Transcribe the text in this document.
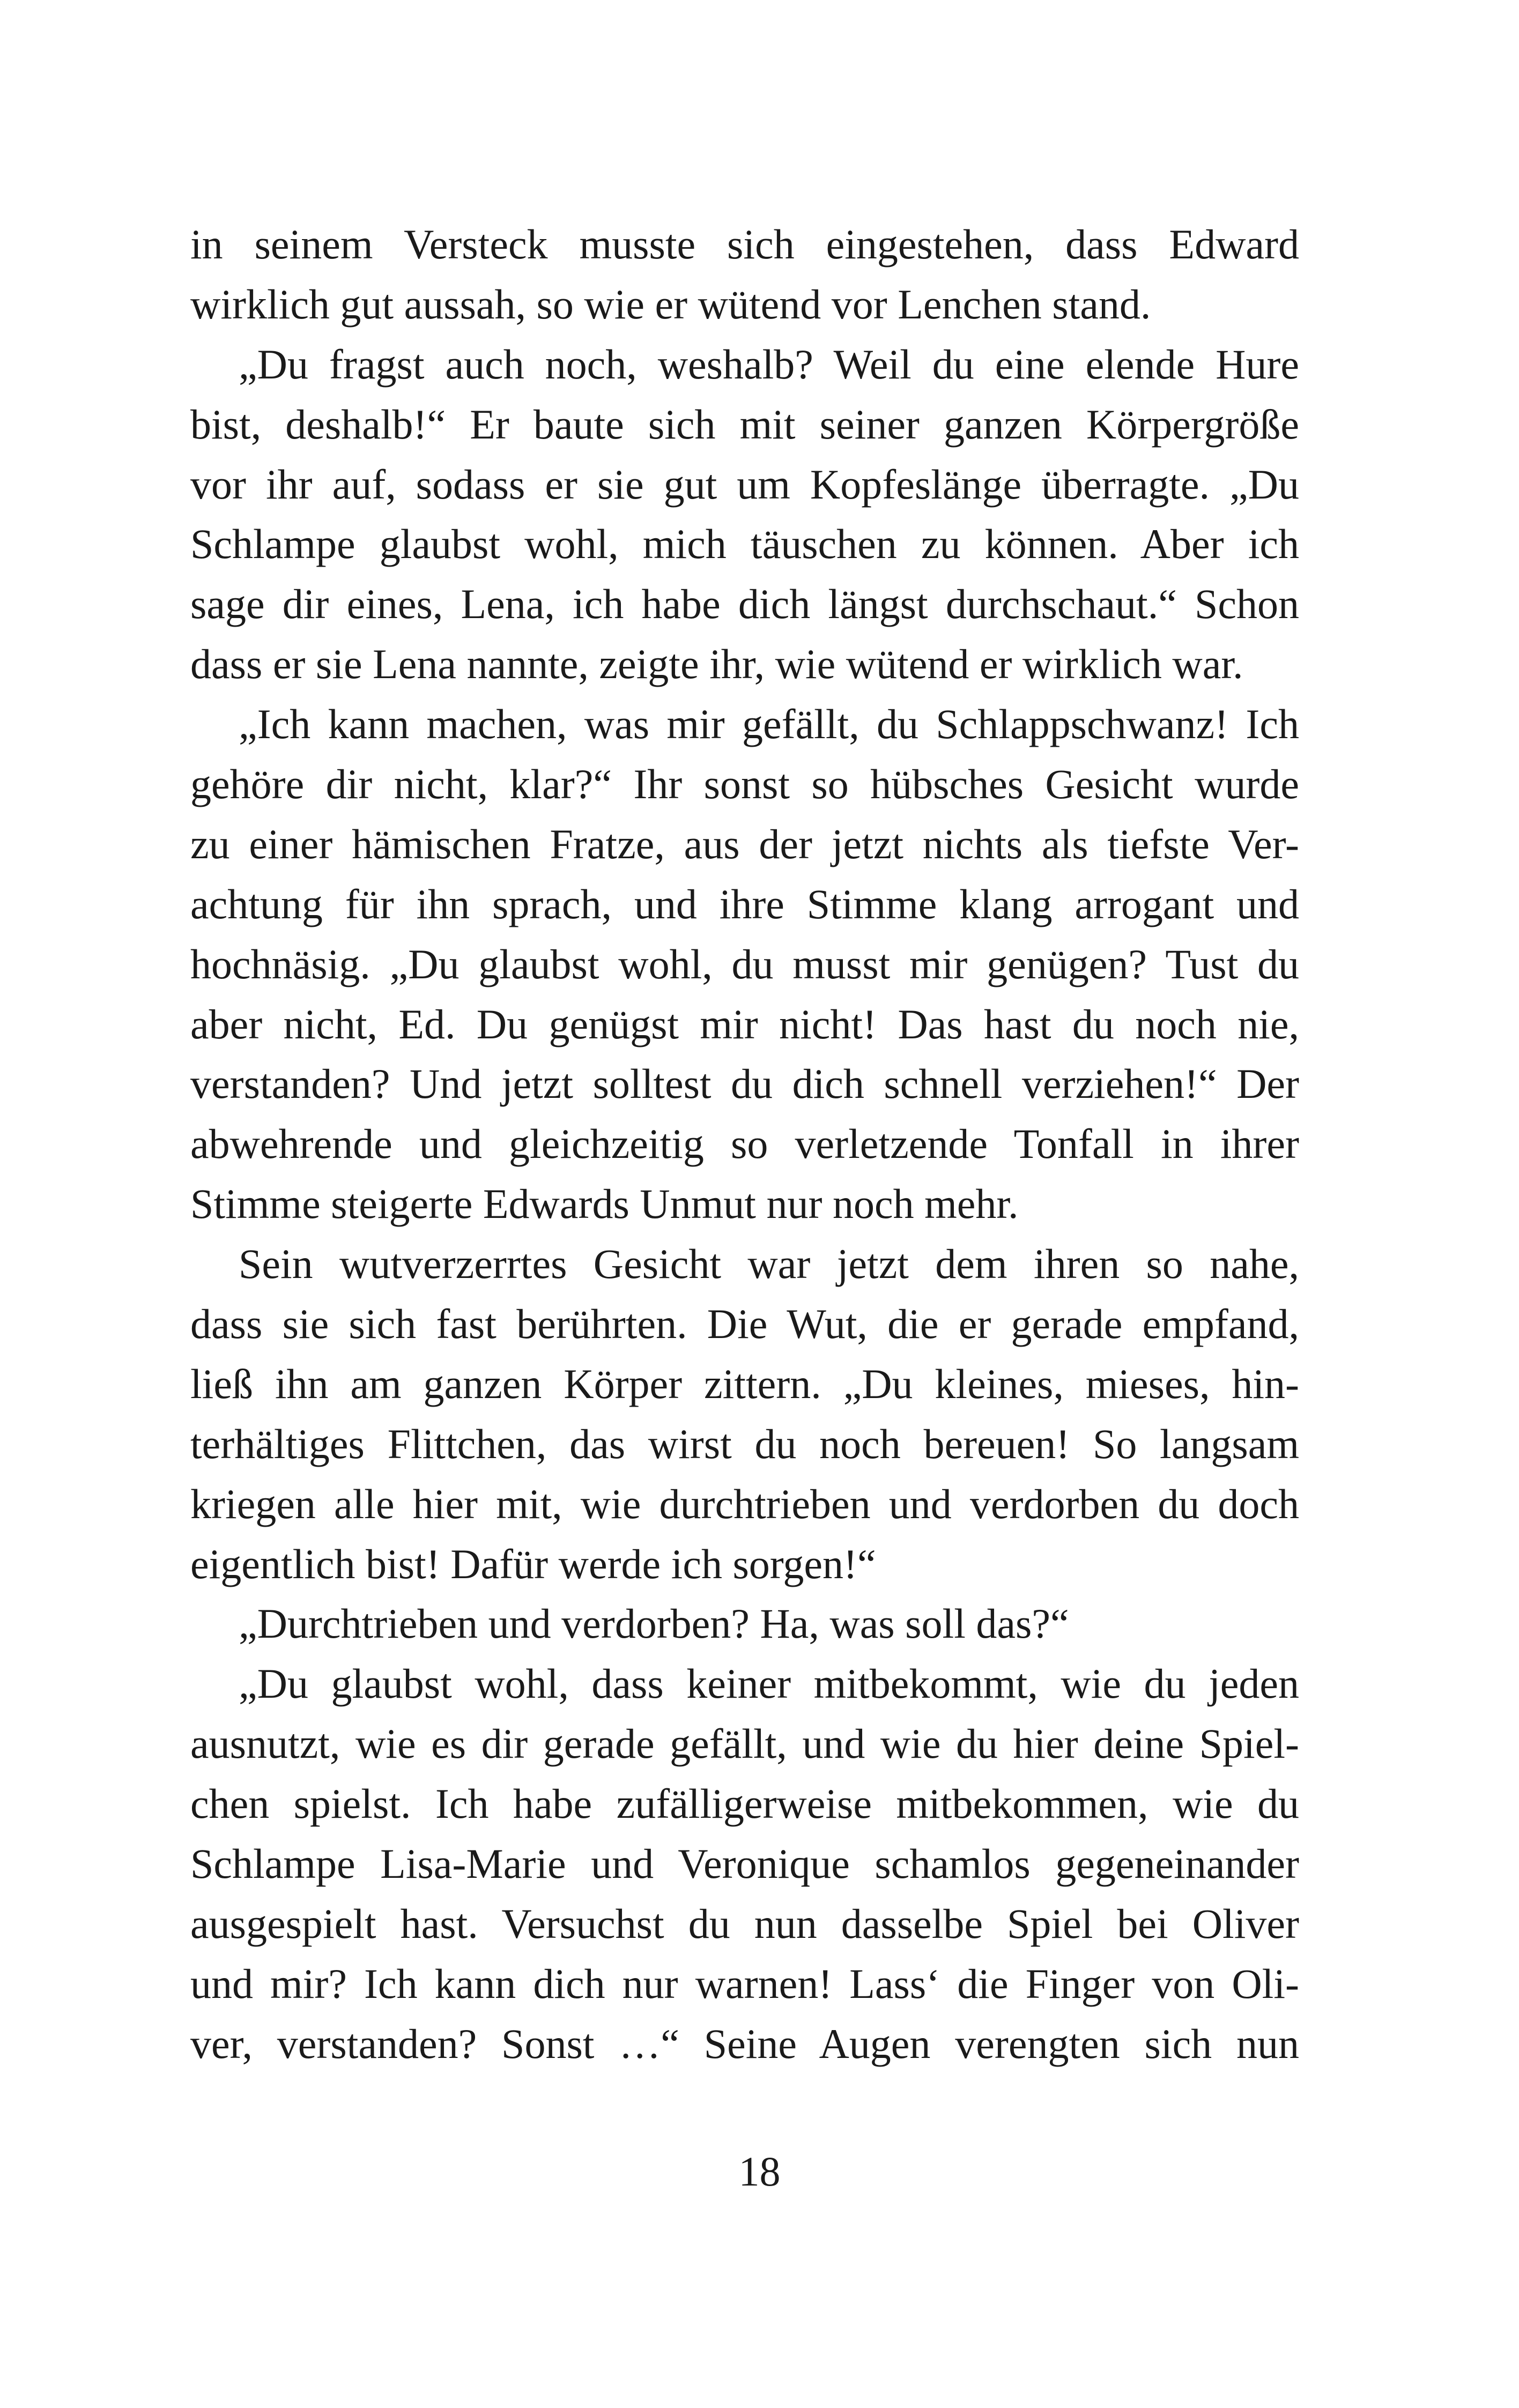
in seinem Versteck musste sich eingestehen, dass Edward
wirklich gut aussah, so wie er wütend vor Lenchen stand.
„Du fragst auch noch, weshalb? Weil du eine elende Hure
bist, deshalb!“ Er baute sich mit seiner ganzen Körpergröße
vor ihr auf, sodass er sie gut um Kopfeslänge überragte. „Du
Schlampe glaubst wohl, mich täuschen zu können. Aber ich
sage dir eines, Lena, ich habe dich längst durchschaut.“ Schon
dass er sie Lena nannte, zeigte ihr, wie wütend er wirklich war.
„Ich kann machen, was mir gefällt, du Schlappschwanz! Ich
gehöre dir nicht, klar?“ Ihr sonst so hübsches Gesicht wurde
zu einer hämischen Fratze, aus der jetzt nichts als tiefste Ver-
achtung für ihn sprach, und ihre Stimme klang arrogant und
hochnäsig. „Du glaubst wohl, du musst mir genügen? Tust du
aber nicht, Ed. Du genügst mir nicht! Das hast du noch nie,
verstanden? Und jetzt solltest du dich schnell verziehen!“ Der
abwehrende und gleichzeitig so verletzende Tonfall in ihrer
Stimme steigerte Edwards Unmut nur noch mehr.
Sein wutverzerrtes Gesicht war jetzt dem ihren so nahe,
dass sie sich fast berührten. Die Wut, die er gerade empfand,
ließ ihn am ganzen Körper zittern. „Du kleines, mieses, hin-
terhältiges Flittchen, das wirst du noch bereuen! So langsam
kriegen alle hier mit, wie durchtrieben und verdorben du doch
eigentlich bist! Dafür werde ich sorgen!“
„Durchtrieben und verdorben? Ha, was soll das?“
„Du glaubst wohl, dass keiner mitbekommt, wie du jeden
ausnutzt, wie es dir gerade gefällt, und wie du hier deine Spiel-
chen spielst. Ich habe zufälligerweise mitbekommen, wie du
Schlampe Lisa-Marie und Veronique schamlos gegeneinander
ausgespielt hast. Versuchst du nun dasselbe Spiel bei Oliver
und mir? Ich kann dich nur warnen! Lass‘ die Finger von Oli-
ver, verstanden? Sonst …“ Seine Augen verengten sich nun
18
